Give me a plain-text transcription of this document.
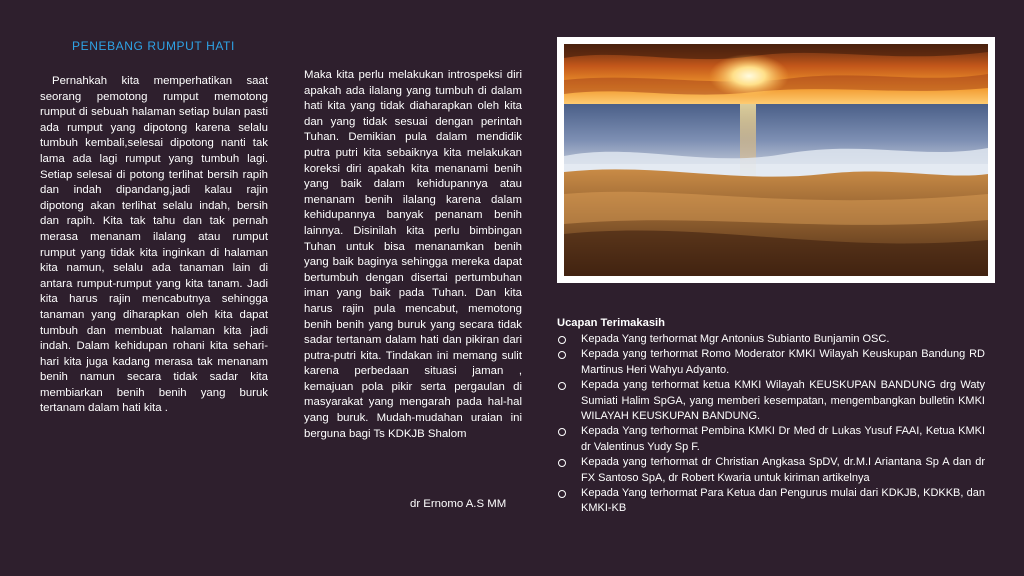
PENEBANG RUMPUT HATI

Pernahkah kita memperhatikan saat seorang pemotong rumput memotong rumput di sebuah halaman setiap bulan pasti ada rumput yang dipotong karena selalu tumbuh kembali,selesai dipotong nanti tak lama ada lagi rumput yang tumbuh lagi. Setiap selesai di potong terlihat bersih rapih dan indah dipandang,jadi kalau rajin dipotong akan terlihat selalu indah, bersih dan rapih. Kita tak tahu dan tak pernah merasa menanam ilalang atau rumput rumput yang tidak kita inginkan di halaman kita namun, selalu ada tanaman lain di antara rumput-rumput yang kita tanam. Jadi kita harus rajin mencabutnya sehingga tanaman yang diharapkan oleh kita dapat tumbuh dan membuat halaman kita jadi indah. Dalam kehidupan rohani kita sehari-hari kita juga kadang merasa tak menanam benih namun secara tidak sadar kita membiarkan benih benih yang buruk tertanam dalam hati kita .

Maka kita perlu melakukan introspeksi diri apakah ada ilalang yang tumbuh di dalam hati kita yang tidak diaharapkan oleh kita dan yang tidak sesuai dengan perintah Tuhan. Demikian pula dalam mendidik putra putri kita sebaiknya kita melakukan koreksi diri apakah kita menanami benih yang baik dalam kehidupannya atau menanam benih ilalang karena dalam kehidupannya banyak penanam benih lainnya. Disinilah kita perlu bimbingan Tuhan untuk bisa menanamkan benih yang baik baginya sehingga mereka dapat bertumbuh dengan disertai pertumbuhan iman yang baik pada Tuhan. Dan kita harus rajin pula mencabut, memotong benih benih yang buruk yang secara tidak sadar tertanam dalam hati dan pikiran dari putra-putri kita. Tindakan ini memang sulit karena perbedaan situasi jaman , kemajuan pola pikir serta pergaulan di masyarakat yang mengarah pada hal-hal yang buruk. Mudah-mudahan uraian ini berguna bagi Ts KDKJB Shalom

dr Ernomo A.S MM
Ucapan Terimakasih
Kepada Yang terhormat Mgr Antonius Subianto Bunjamin OSC.
Kepada yang terhormat Romo Moderator KMKI Wilayah Keuskupan Bandung RD Martinus Heri Wahyu Adyanto.
Kepada yang terhormat ketua KMKI Wilayah KEUSKUPAN BANDUNG drg Waty Sumiati Halim SpGA, yang memberi kesempatan, mengembangkan bulletin KMKI WILAYAH KEUSKUPAN BANDUNG.
Kepada Yang terhormat Pembina KMKI Dr Med dr Lukas Yusuf FAAI, Ketua KMKI dr Valentinus Yudy Sp F.
Kepada yang terhormat dr Christian Angkasa SpDV, dr.M.I Ariantana Sp A dan dr FX Santoso SpA, dr Robert Kwaria untuk kiriman artikelnya
Kepada Yang terhormat Para Ketua dan Pengurus mulai dari KDKJB, KDKKB, dan KMKI-KB
